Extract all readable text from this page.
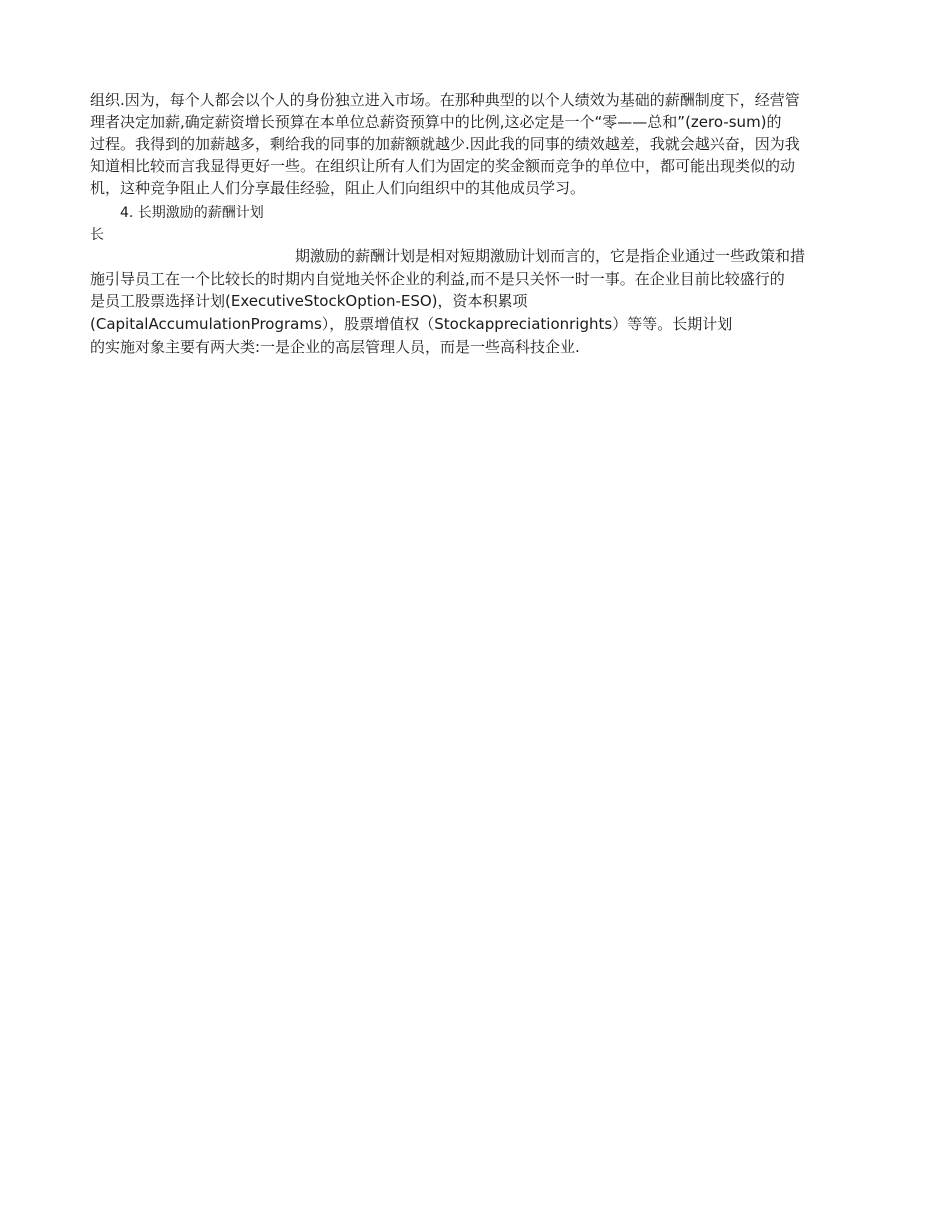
组织.因为，每个人都会以个人的身份独立进入市场。在那种典型的以个人绩效为基础的薪酬制度下，经营管
理者决定加薪,确定薪资增长预算在本单位总薪资预算中的比例,这必定是一个“零——总和”(zero-sum)的
过程。我得到的加薪越多，剩给我的同事的加薪额就越少.因此我的同事的绩效越差，我就会越兴奋，因为我
知道相比较而言我显得更好一些。在组织让所有人们为固定的奖金额而竞争的单位中，都可能出现类似的动
机，这种竞争阻止人们分享最佳经验，阻止人们向组织中的其他成员学习。
4. 长期激励的薪酬计划
长
期激励的薪酬计划是相对短期激励计划而言的，它是指企业通过一些政策和措
施引导员工在一个比较长的时期内自觉地关怀企业的利益,而不是只关怀一时一事。在企业目前比较盛行的
是员工股票选择计划(ExecutiveStockOption-ESO)，资本积累项
(CapitalAccumulationPrograms），股票增值权（Stockappreciationrights）等等。长期计划
的实施对象主要有两大类:一是企业的高层管理人员，而是一些高科技企业.
